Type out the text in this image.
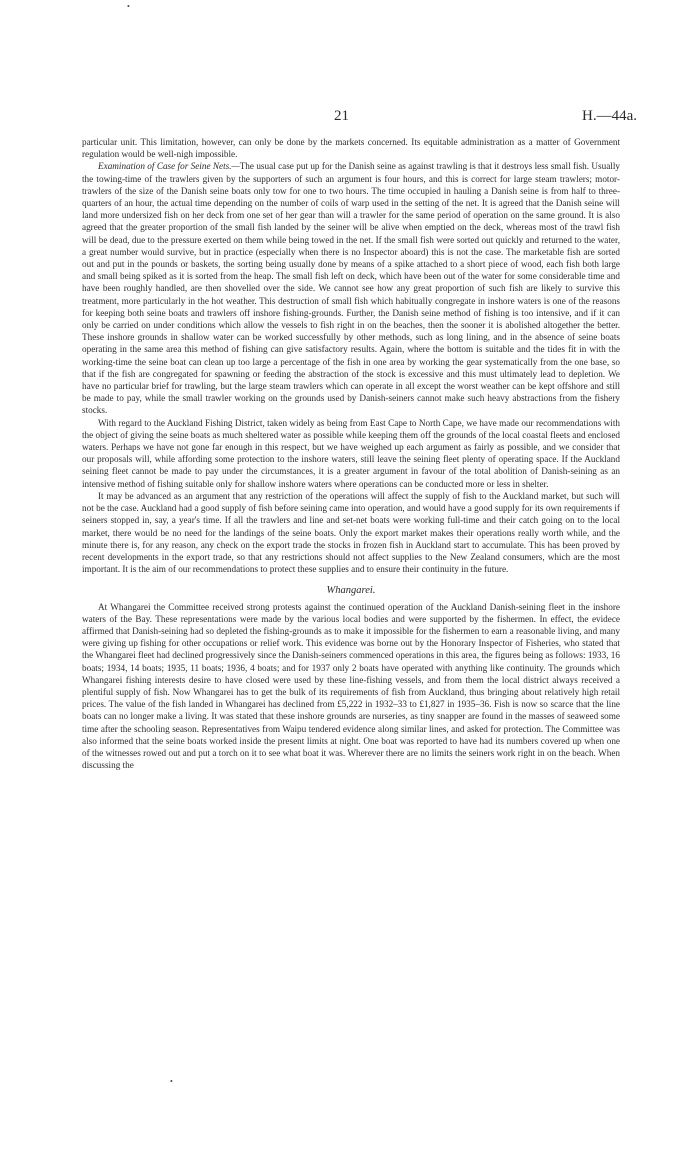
•
21	H.—44a.

particular unit. This limitation, however, can only be done by the markets concerned. Its equitable administration as a matter of Government regulation would be well-nigh impossible.

Examination of Case for Seine Nets.—The usual case put up for the Danish seine as against trawling is that it destroys less small fish. Usually the towing-time of the trawlers given by the supporters of such an argument is four hours, and this is correct for large steam trawlers; motor-trawlers of the size of the Danish seine boats only tow for one to two hours. The time occupied in hauling a Danish seine is from half to three-quarters of an hour, the actual time depending on the number of coils of warp used in the setting of the net. It is agreed that the Danish seine will land more undersized fish on her deck from one set of her gear than will a trawler for the same period of operation on the same ground. It is also agreed that the greater proportion of the small fish landed by the seiner will be alive when emptied on the deck, whereas most of the trawl fish will be dead, due to the pressure exerted on them while being towed in the net. If the small fish were sorted out quickly and returned to the water, a great number would survive, but in practice (especially when there is no Inspector aboard) this is not the case. The marketable fish are sorted out and put in the pounds or baskets, the sorting being usually done by means of a spike attached to a short piece of wood, each fish both large and small being spiked as it is sorted from the heap. The small fish left on deck, which have been out of the water for some considerable time and have been roughly handled, are then shovelled over the side. We cannot see how any great proportion of such fish are likely to survive this treatment, more particularly in the hot weather. This destruction of small fish which habitually congregate in inshore waters is one of the reasons for keeping both seine boats and trawlers off inshore fishing-grounds. Further, the Danish seine method of fishing is too intensive, and if it can only be carried on under conditions which allow the vessels to fish right in on the beaches, then the sooner it is abolished altogether the better. These inshore grounds in shallow water can be worked successfully by other methods, such as long lining, and in the absence of seine boats operating in the same area this method of fishing can give satisfactory results. Again, where the bottom is suitable and the tides fit in with the working-time the seine boat can clean up too large a percentage of the fish in one area by working the gear systematically from the one base, so that if the fish are congregated for spawning or feeding the abstraction of the stock is excessive and this must ultimately lead to depletion. We have no particular brief for trawling, but the large steam trawlers which can operate in all except the worst weather can be kept offshore and still be made to pay, while the small trawler working on the grounds used by Danish-seiners cannot make such heavy abstractions from the fishery stocks.

With regard to the Auckland Fishing District, taken widely as being from East Cape to North Cape, we have made our recommendations with the object of giving the seine boats as much sheltered water as possible while keeping them off the grounds of the local coastal fleets and enclosed waters. Perhaps we have not gone far enough in this respect, but we have weighed up each argument as fairly as possible, and we consider that our proposals will, while affording some protection to the inshore waters, still leave the seining fleet plenty of operating space. If the Auckland seining fleet cannot be made to pay under the circumstances, it is a greater argument in favour of the total abolition of Danish-seining as an intensive method of fishing suitable only for shallow inshore waters where operations can be conducted more or less in shelter.

It may be advanced as an argument that any restriction of the operations will affect the supply of fish to the Auckland market, but such will not be the case. Auckland had a good supply of fish before seining came into operation, and would have a good supply for its own requirements if seiners stopped in, say, a year's time. If all the trawlers and line and set-net boats were working full-time and their catch going on to the local market, there would be no need for the landings of the seine boats. Only the export market makes their operations really worth while, and the minute there is, for any reason, any check on the export trade the stocks in frozen fish in Auckland start to accumulate. This has been proved by recent developments in the export trade, so that any restrictions should not affect supplies to the New Zealand consumers, which are the most important. It is the aim of our recommendations to protect these supplies and to ensure their continuity in the future.

Whangarei.

At Whangarei the Committee received strong protests against the continued operation of the Auckland Danish-seining fleet in the inshore waters of the Bay. These representations were made by the various local bodies and were supported by the fishermen. In effect, the evidece affirmed that Danish-seining had so depleted the fishing-grounds as to make it impossible for the fishermen to earn a reasonable living, and many were giving up fishing for other occupations or relief work. This evidence was borne out by the Honorary Inspector of Fisheries, who stated that the Whangarei fleet had declined progressively since the Danish-seiners commenced operations in this area, the figures being as follows: 1933, 16 boats; 1934, 14 boats; 1935, 11 boats; 1936, 4 boats; and for 1937 only 2 boats have operated with anything like continuity. The grounds which Whangarei fishing interests desire to have closed were used by these line-fishing vessels, and from them the local district always received a plentiful supply of fish. Now Whangarei has to get the bulk of its requirements of fish from Auckland, thus bringing about relatively high retail prices. The value of the fish landed in Whangarei has declined from £5,222 in 1932–33 to £1,827 in 1935–36. Fish is now so scarce that the line boats can no longer make a living. It was stated that these inshore grounds are nurseries, as tiny snapper are found in the masses of seaweed some time after the schooling season. Representatives from Waipu tendered evidence along similar lines, and asked for protection. The Committee was also informed that the seine boats worked inside the present limits at night. One boat was reported to have had its numbers covered up when one of the witnesses rowed out and put a torch on it to see what boat it was. Wherever there are no limits the seiners work right in on the beach. When discussing the

•
